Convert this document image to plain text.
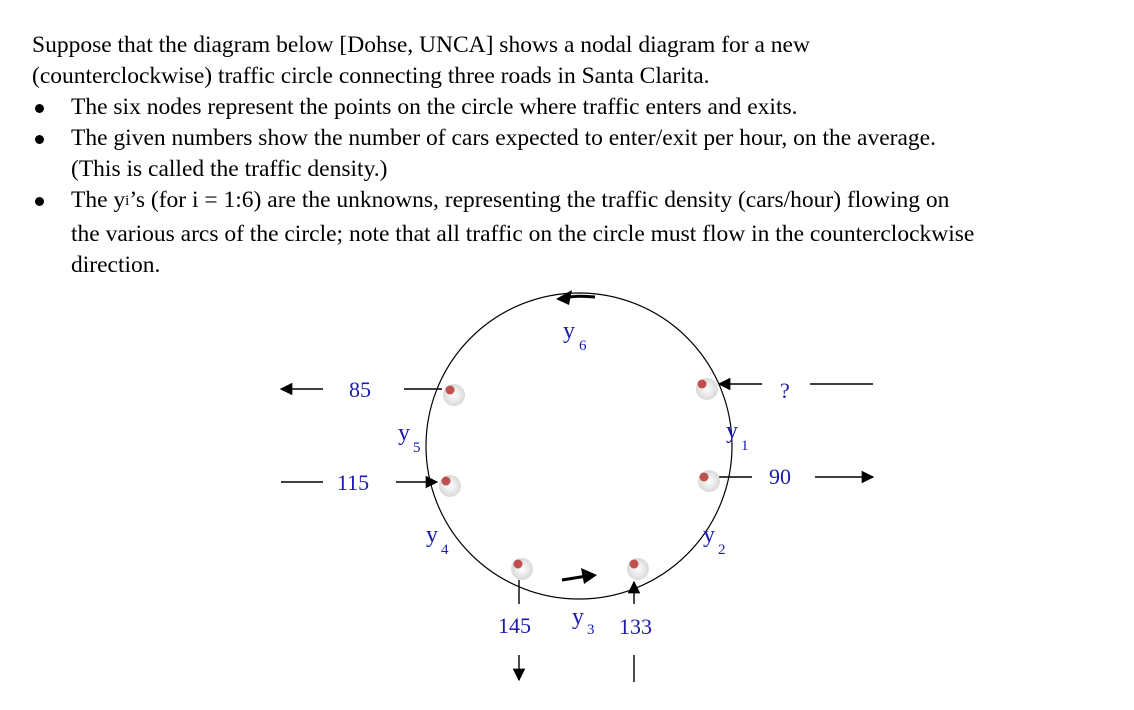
Suppose that the diagram below [Dohse, UNCA] shows a nodal diagram for a new

(counterclockwise) traffic circle connecting three roads in Santa Clarita.

The six nodes represent the points on the circle where traffic enters and exits.
The given numbers show the number of cars expected to enter/exit per hour, on the average.
(This is called the traffic density.)
The $y_i’s$ (for i = 1:6) are the unknowns, representing the traffic density (cars/hour) flowing on
the various arcs of the circle; note that all traffic on the circle must flow in the counterclockwise
direction.
85
115
?
90
145	133
y
6
y
5
y
1
y
4
y
2
y 3
